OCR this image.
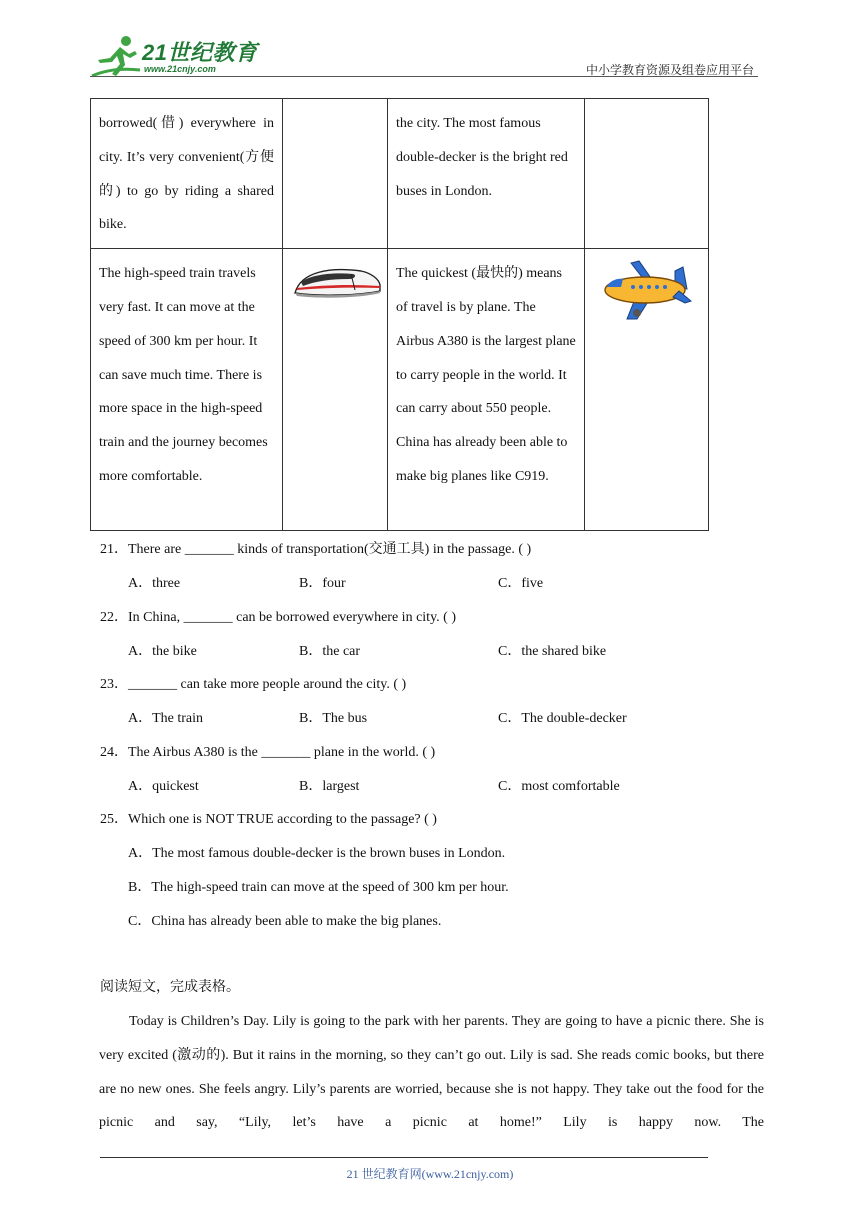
21世纪教育
www.21cnjy.com	中小学教育资源及组卷应用平台
borrowed(借) everywhere in city. It’s very convenient(方便的) to go by riding a shared bike.		the city. The most famous double-decker is the bright red buses in London.	
The high-speed train travels very fast. It can move at the speed of 300 km per hour. It can save much time. There is more space in the high-speed train and the journey becomes more comfortable.		The quickest (最快的) means of travel is by plane. The Airbus A380 is the largest plane to carry people in the world. It can carry about 550 people. China has already been able to make big planes like C919.	
21．There are _______ kinds of transportation(交通工具) in the passage. ( )
A．three	B．four	C．five
22．In China, _______ can be borrowed everywhere in city. ( )
A．the bike	B．the car	C．the shared bike
23．_______ can take more people around the city. ( )
A．The train	B．The bus	C．The double-decker
24．The Airbus A380 is the _______ plane in the world. ( )
A．quickest	B．largest	C．most comfortable
25．Which one is NOT TRUE according to the passage? ( )
A．The most famous double-decker is the brown buses in London.
B．The high-speed train can move at the speed of 300 km per hour.
C．China has already been able to make the big planes.
阅读短文，完成表格。

Today is Children’s Day. Lily is going to the park with her parents. They are going to have a picnic there. She is very excited (激动的). But it rains in the morning, so they can’t go out. Lily is sad. She reads comic books, but there are no new ones. She feels angry. Lily’s parents are worried, because she is not happy. They take out the food for the picnic and say, “Lily, let’s have a picnic at home!” Lily is happy now. The

21 世纪教育网(www.21cnjy.com)
